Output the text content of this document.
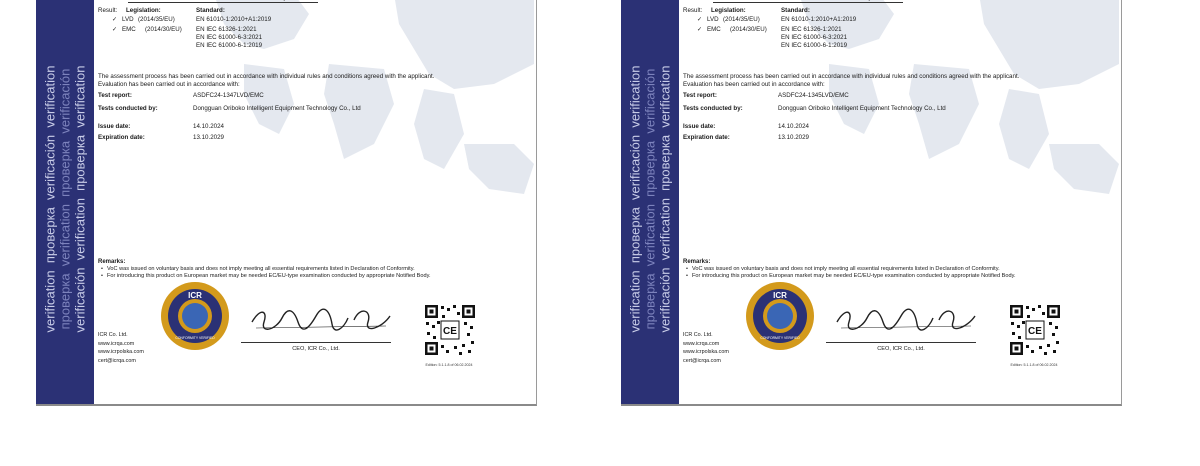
verification  проверка  verificación  verification
проверка  verification  проверка  verificación
verificación  verification  проверка  verification
Result: Legislation:	Standard:
✓ LVD (2014/35/EU)	EN 61010-1:2010+A1:2019
✓ EMC (2014/30/EU) EN IEC 61326-1:2021
EN IEC 61000-6-3:2021
EN IEC 61000-6-1:2019
The assessment process has been carried out in accordance with individual rules and conditions agreed with the applicant.
Evaluation has been carried out in accordance with:
Test report:	ASDFC24-1347LVD/EMC
Tests conducted by:	Dongguan Oriboko Intelligent Equipment Technology Co., Ltd
Issue date:	14.10.2024
Expiration date:	13.10.2029
Remarks:
• VoC was issued on voluntary basis and does not imply meeting all essential requirements listed in Declaration of Conformity.
• For introducing this product on European market may be needed EC/EU-type examination conducted by appropriate Notified Body.
ICR Co. Ltd.
www.icrqa.com
www.icrpolska.com
cert@icrqa.com
ICR
CONFORMITY VERIFIED
CEO, ICR Co., Ltd.
CE
Edition: 5.1.1.8 of 06.02.2024
verification  проверка  verificación  verification
проверка  verification  проверка  verificación
verificación  verification  проверка  verification
Result: Legislation:	Standard:
✓ LVD (2014/35/EU)	EN 61010-1:2010+A1:2019
✓ EMC (2014/30/EU) EN IEC 61326-1:2021
EN IEC 61000-6-3:2021
EN IEC 61000-6-1:2019
The assessment process has been carried out in accordance with individual rules and conditions agreed with the applicant.
Evaluation has been carried out in accordance with:
Test report:	ASDFC24-1345LVD/EMC
Tests conducted by:	Dongguan Oriboko Intelligent Equipment Technology Co., Ltd
Issue date:	14.10.2024
Expiration date:	13.10.2029
Remarks:
• VoC was issued on voluntary basis and does not imply meeting all essential requirements listed in Declaration of Conformity.
• For introducing this product on European market may be needed EC/EU-type examination conducted by appropriate Notified Body.
ICR Co. Ltd.
www.icrqa.com
www.icrpolska.com
cert@icrqa.com
ICR
CONFORMITY VERIFIED
CEO, ICR Co., Ltd.
CE
Edition: 5.1.1.8 of 06.02.2024
